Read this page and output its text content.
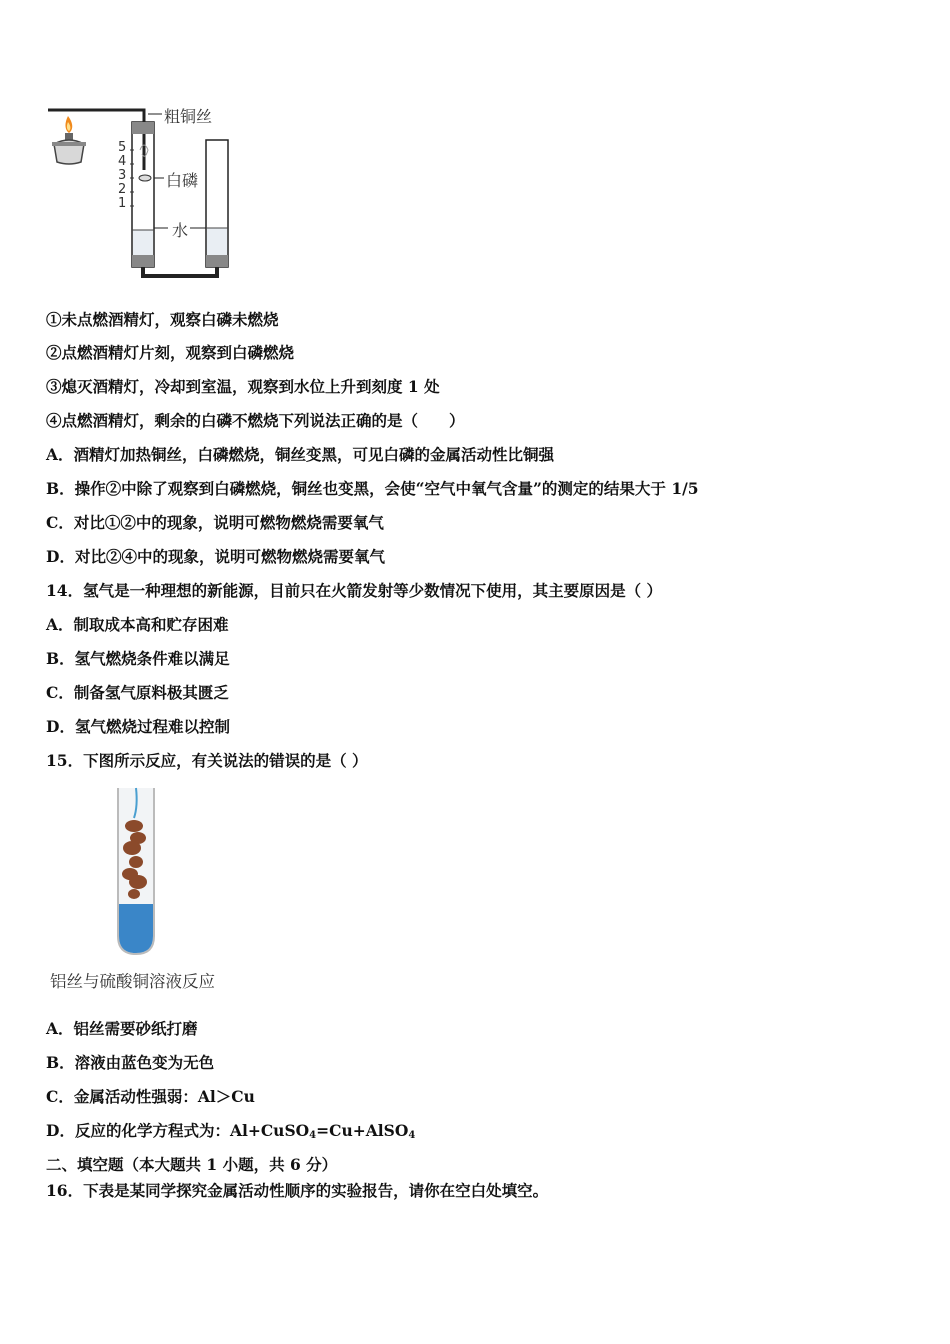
粗铜丝
白磷
水
5
4
3
2
1
①未点燃酒精灯，观察白磷未燃烧
②点燃酒精灯片刻，观察到白磷燃烧
③熄灭酒精灯，冷却到室温，观察到水位上升到刻度 1 处
④点燃酒精灯，剩余的白磷不燃烧下列说法正确的是（　　）
A．酒精灯加热铜丝，白磷燃烧，铜丝变黑，可见白磷的金属活动性比铜强
B．操作②中除了观察到白磷燃烧，铜丝也变黑，会使“空气中氧气含量”的测定的结果大于 1/5
C．对比①②中的现象，说明可燃物燃烧需要氧气
D．对比②④中的现象，说明可燃物燃烧需要氧气
14．氢气是一种理想的新能源，目前只在火箭发射等少数情况下使用，其主要原因是（ ）
A．制取成本高和贮存困难
B．氢气燃烧条件难以满足
C．制备氢气原料极其匮乏
D．氢气燃烧过程难以控制
15．下图所示反应，有关说法的错误的是（ ）
铝丝与硫酸铜溶液反应
A．铝丝需要砂纸打磨
B．溶液由蓝色变为无色
C．金属活动性强弱：Al＞Cu
D．反应的化学方程式为：Al+CuSO$_4$=Cu+AlSO$_4$
二、填空题（本大题共 1 小题，共 6 分）
16．下表是某同学探究金属活动性顺序的实验报告，请你在空白处填空。
